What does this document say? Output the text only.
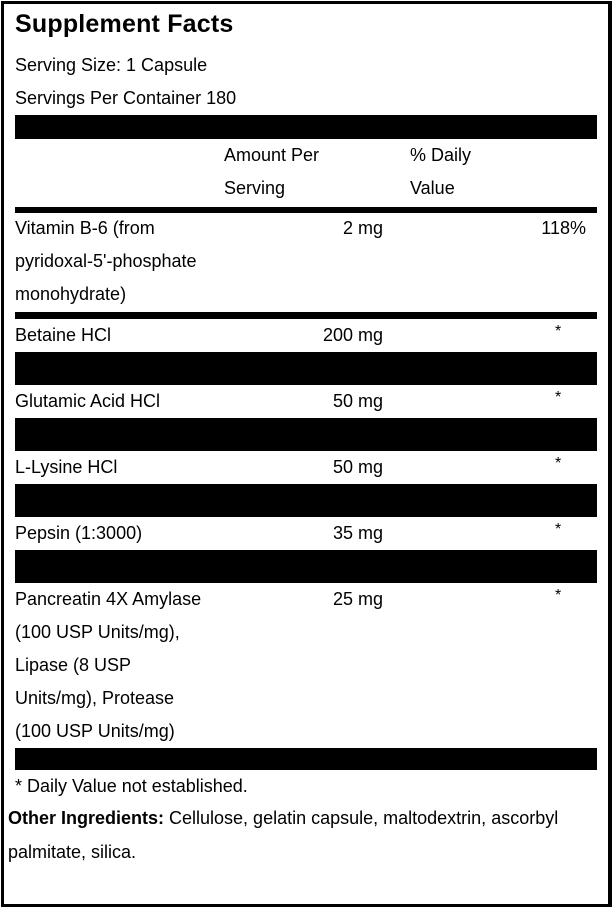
Supplement Facts
Serving Size: 1 Capsule
Servings Per Container 180
Amount Per
Serving
% Daily
Value
Vitamin B-6 (from
pyridoxal-5'-phosphate
monohydrate)
2 mg	118%
Betaine HCl	200 mg	*
Glutamic Acid HCl	50 mg	*
L-Lysine HCl	50 mg	*
Pepsin (1:3000)	35 mg	*
Pancreatin 4X Amylase
(100 USP Units/mg),
Lipase (8 USP
Units/mg), Protease
(100 USP Units/mg)
25 mg	*
* Daily Value not established.
Other Ingredients: Cellulose, gelatin capsule, maltodextrin, ascorbyl palmitate, silica.
